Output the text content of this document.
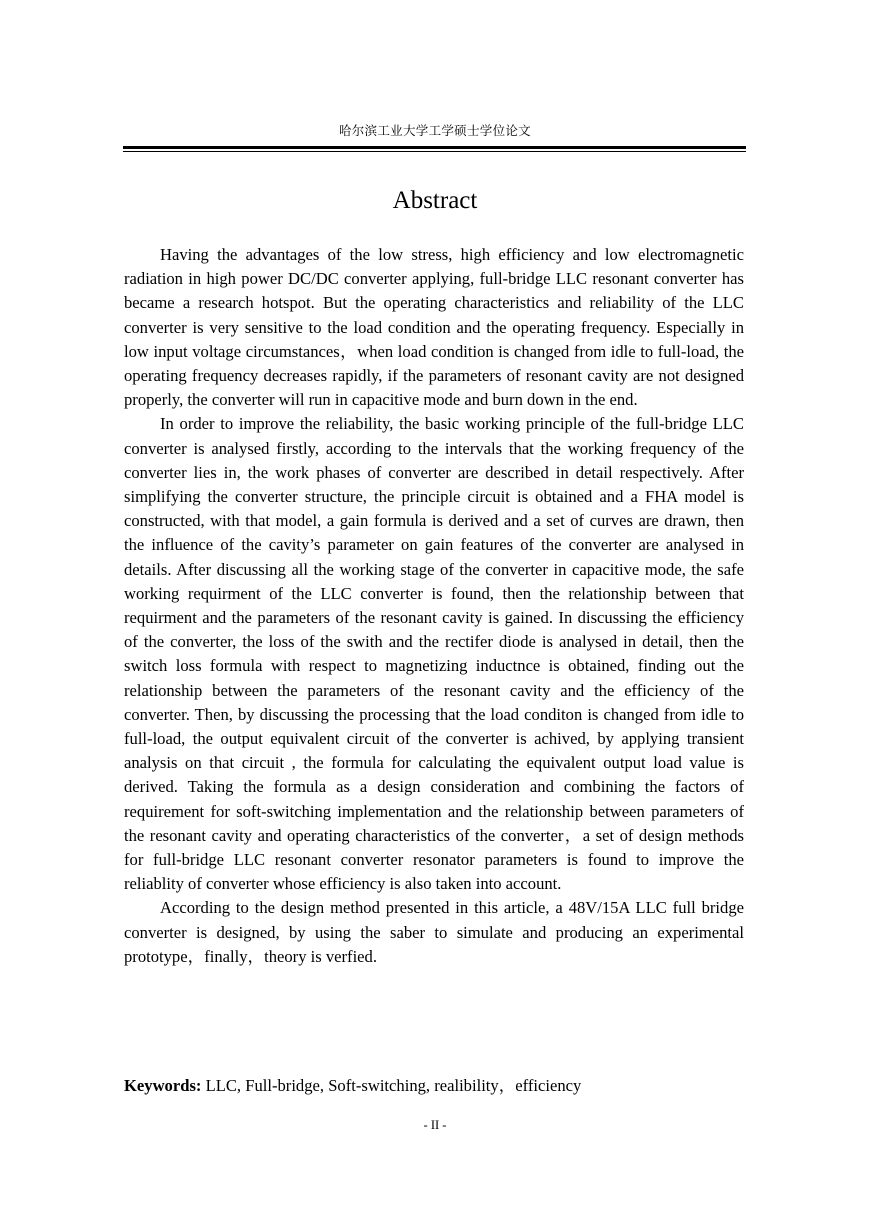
哈尔滨工业大学工学硕士学位论文
Abstract

Having the advantages of the low stress, high efficiency and low electromagnetic radiation in high power DC/DC converter applying, full-bridge LLC resonant converter has became a research hotspot. But the operating characteristics and reliability of the LLC converter is very sensitive to the load condition and the operating frequency. Especially in low input voltage circumstances，when load condition is changed from idle to full-load, the operating frequency decreases rapidly, if the parameters of resonant cavity are not designed properly, the converter will run in capacitive mode and burn down in the end.

In order to improve the reliability, the basic working principle of the full-bridge LLC converter is analysed firstly, according to the intervals that the working frequency of the converter lies in, the work phases of converter are described in detail respectively. After simplifying the converter structure, the principle circuit is obtained and a FHA model is constructed, with that model, a gain formula is derived and a set of curves are drawn, then the influence of the cavity’s parameter on gain features of the converter are analysed in details. After discussing all the working stage of the converter in capacitive mode, the safe working requirment of the LLC converter is found, then the relationship between that requirment and the parameters of the resonant cavity is gained. In discussing the efficiency of the converter, the loss of the swith and the rectifer diode is analysed in detail, then the switch loss formula with respect to magnetizing inductnce is obtained, finding out the relationship between the parameters of the resonant cavity and the efficiency of the converter. Then, by discussing the processing that the load conditon is changed from idle to full-load, the output equivalent circuit of the converter is achived, by applying transient analysis on that circuit , the formula for calculating the equivalent output load value is derived. Taking the formula as a design consideration and combining the factors of requirement for soft-switching implementation and the relationship between parameters of the resonant cavity and operating characteristics of the converter，a set of design methods for full-bridge LLC resonant converter resonator parameters is found to improve the reliablity of converter whose efficiency is also taken into account.

According to the design method presented in this article, a 48V/15A LLC full bridge converter is designed, by using the saber to simulate and producing an experimental prototype，finally，theory is verfied.

Keywords: LLC, Full-bridge, Soft-switching, realibility，efficiency
- II -
